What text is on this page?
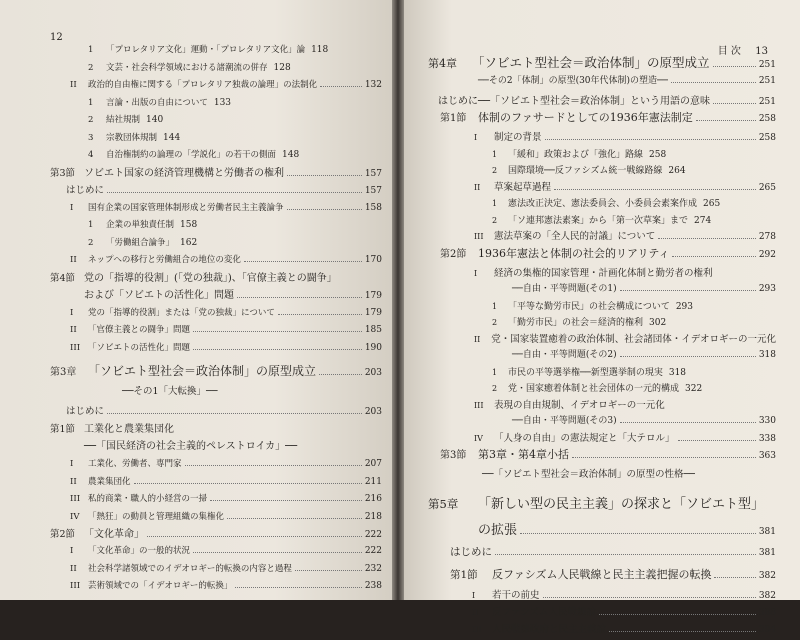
12
1	「プロレタリア文化」運動・「プロレタリア文化」論 118
2	文芸・社会科学領域における諸潮流の併存 128
II	政治的自由権に関する「プロレタリア独裁の論理」の法制化	132
1	言論・出版の自由について 133
2	結社規制 140
3	宗教団体規制 144
4	自治権制約の論理の「学説化」の若干の側面 148
第3節 ソビエト国家の経済管理機構と労働者の権利	157
はじめに	157
I	国有企業の国家管理体制形成と労働者民主主義論争	158
1	企業の単独責任制 158
2	「労働組合論争」 162
II	ネップへの移行と労働組合の地位の変化	170
第4節 党の「指導的役割」(「党の独裁」)、「官僚主義との闘争」
および「ソビエトの活性化」問題	179
I	党の「指導的役割」または「党の独裁」について	179
II	「官僚主義との闘争」問題	185
III 「ソビエトの活性化」問題	190
第3章 「ソビエト型社会＝政治体制」の原型成立	203
──その1「大転換」──
はじめに	203
第1節 工業化と農業集団化
──「国民経済の社会主義的ペレストロイカ」──
I	工業化、労働者、専門家	207
II	農業集団化	211
III 私的商業・職人的小経営の一掃	216
IV	「熱狂」の動員と管理組織の集権化	218
第2節 「文化革命」	222
I	「文化革命」の一般的状況	222
II	社会科学諸領域でのイデオロギー的転換の内容と過程	232
III 芸術領域での「イデオロギー的転換」	238
目 次 13
第4章	「ソビエト型社会＝政治体制」の原型成立	251
──その2「体制」の原型(30年代体制)の塑造──	251
はじめに──「ソビエト型社会＝政治体制」という用語の意味	251
第1節	体制のファサードとしての1936年憲法制定	258
I	制定の背景	258
1	「緩和」政策および「強化」路線 258
2	国際環境──反ファシズム統一戦線路線 264
II	草案起草過程	265
1	憲法改正決定、憲法委員会、小委員会素案作成 265
2	「ソ連邦憲法素案」から「第一次草案」まで 274
III	憲法草案の「全人民的討議」について	278
第2節	1936年憲法と体制の社会的リアリティ	292
I	経済の集権的国家管理・計画化体制と勤労者の権利
──自由・平等問題(その1)	293
1	「平等な勤労市民」の社会構成について 293
2	「勤労市民」の社会＝経済的権利 302
II	党・国家装置癒着の政治体制、社会諸団体・イデオロギーの一元化
──自由・平等問題(その2)	318
1	市民の平等選挙権──新型選挙制の現実 318
2	党・国家癒着体制と社会団体の一元的構成 322
III	表現の自由規制、イデオロギーの一元化
──自由・平等問題(その3)	330
IV	「人身の自由」の憲法規定と「大テロル」	338
第3節	第3章・第4章小括	363
──「ソビエト型社会＝政治体制」の原型の性格──
第5章	「新しい型の民主主義」の探求と「ソビエト型」
の拡張	381
はじめに	381
第1節	反ファシズム人民戦線と民主主義把握の転換	382
I	若干の前史	382
II	反ファシズム人民戦線論	388
III	人民戦線政府と民主主義論	394
